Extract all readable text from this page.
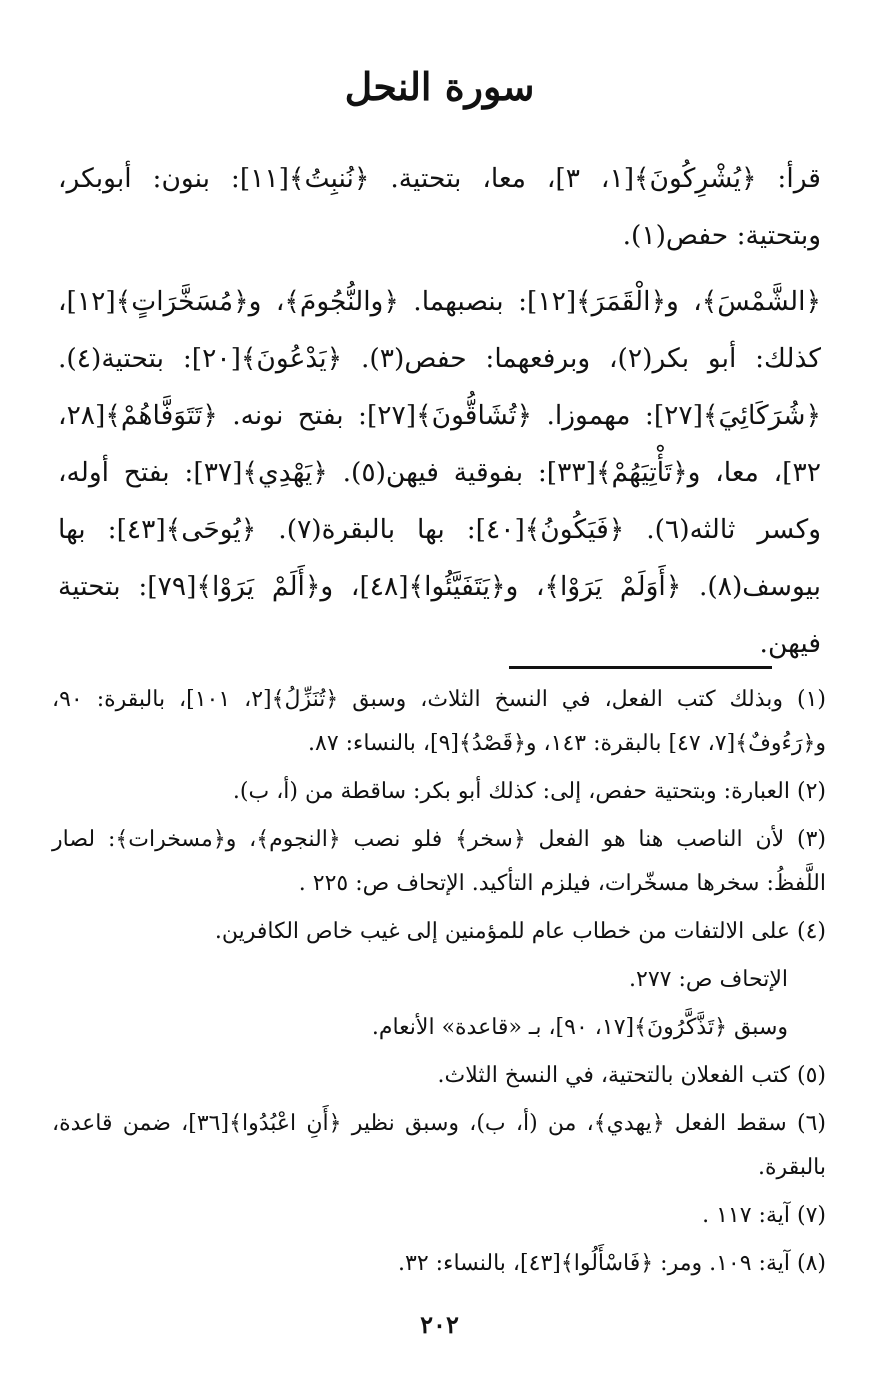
سورة النحل

قرأ: ﴿يُشْرِكُونَ﴾[١، ٣]، معا، بتحتية. ﴿نُنبِتُ﴾[١١]: بنون: أبوبكر، وبتحتية: حفص(١).

﴿الشَّمْسَ﴾، و﴿الْقَمَرَ﴾[١٢]: بنصبهما. ﴿والنُّجُومَ﴾، و﴿مُسَخَّرَاتٍ﴾[١٢]، كذلك: أبو بكر(٢)، وبرفعهما: حفص(٣). ﴿يَدْعُونَ﴾[٢٠]: بتحتية(٤). ﴿شُرَكَائِيَ﴾[٢٧]: مهموزا. ﴿تُشَاقُّونَ﴾[٢٧]: بفتح نونه. ﴿تَتَوَفَّاهُمْ﴾[٢٨، ٣٢]، معا، و﴿تَأْتِيَهُمْ﴾[٣٣]: بفوقية فيهن(٥). ﴿يَهْدِي﴾[٣٧]: بفتح أوله، وكسر ثالثه(٦). ﴿فَيَكُونُ﴾[٤٠]: بها بالبقرة(٧). ﴿يُوحَى﴾[٤٣]: بها بيوسف(٨). ﴿أَوَلَمْ يَرَوْا﴾، و﴿يَتَفَيَّئُوا﴾[٤٨]، و﴿أَلَمْ يَرَوْا﴾[٧٩]: بتحتية فيهن.

(١) وبذلك كتب الفعل، في النسخ الثلاث، وسبق ﴿تُنَزِّلُ﴾[٢، ١٠١]، بالبقرة: ٩٠، و﴿رَءُوفٌ﴾[٧، ٤٧] بالبقرة: ١٤٣، و﴿قَصْدُ﴾[٩]، بالنساء: ٨٧.

(٢) العبارة: وبتحتية حفص، إلى: كذلك أبو بكر: ساقطة من (أ، ب).

(٣) لأن الناصب هنا هو الفعل ﴿سخر﴾ فلو نصب ﴿النجوم﴾، و﴿مسخرات﴾: لصار اللَّفظُ: سخرها مسخّرات، فيلزم التأكيد. الإتحاف ص: ٢٢٥ .

(٤) على الالتفات من خطاب عام للمؤمنين إلى غيب خاص الكافرين.

الإتحاف ص: ٢٧٧.

وسبق ﴿تَذَّكَّرُونَ﴾[١٧، ٩٠]، بـ «قاعدة» الأنعام.

(٥) كتب الفعلان بالتحتية، في النسخ الثلاث.

(٦) سقط الفعل ﴿يهدي﴾، من (أ، ب)، وسبق نظير ﴿أَنِ اعْبُدُوا﴾[٣٦]، ضمن قاعدة، بالبقرة.

(٧) آية: ١١٧ .

(٨) آية: ١٠٩. ومر: ﴿فَاسْأَلُوا﴾[٤٣]، بالنساء: ٣٢.

٢٠٢
